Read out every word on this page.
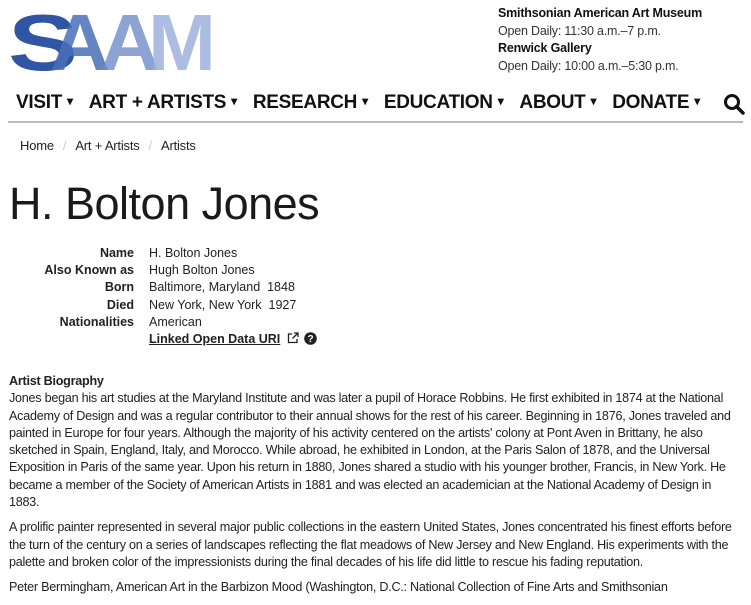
S
A
A
M	Smithsonian American Art Museum
Open Daily: 11:30 a.m.–7 p.m.
Renwick Gallery
Open Daily: 10:00 a.m.–5:30 p.m.
VISIT ▾ ART + ARTISTS ▾ RESEARCH ▾ EDUCATION ▾ ABOUT ▾ DONATE ▾
Home / Art + Artists / Artists
H. Bolton Jones
Name H. Bolton Jones
Also Known as Hugh Bolton Jones
Born Baltimore, Maryland  1848
Died New York, New York  1927
Nationalities American
Linked Open Data URI	?
Artist Biography

Jones began his art studies at the Maryland Institute and was later a pupil of Horace Robbins. He first exhibited in 1874 at the National Academy of Design and was a regular contributor to their annual shows for the rest of his career. Beginning in 1876, Jones traveled and painted in Europe for four years. Although the majority of his activity centered on the artists' colony at Pont Aven in Brittany, he also sketched in Spain, England, Italy, and Morocco. While abroad, he exhibited in London, at the Paris Salon of 1878, and the Universal Exposition in Paris of the same year. Upon his return in 1880, Jones shared a studio with his younger brother, Francis, in New York. He became a member of the Society of American Artists in 1881 and was elected an academician at the National Academy of Design in 1883.

A prolific painter represented in several major public collections in the eastern United States, Jones concentrated his finest efforts before the turn of the century on a series of landscapes reflecting the flat meadows of New Jersey and New England. His experiments with the palette and broken color of the impressionists during the final decades of his life did little to rescue his fading reputation.

Peter Bermingham, American Art in the Barbizon Mood (Washington, D.C.: National Collection of Fine Arts and Smithsonian
